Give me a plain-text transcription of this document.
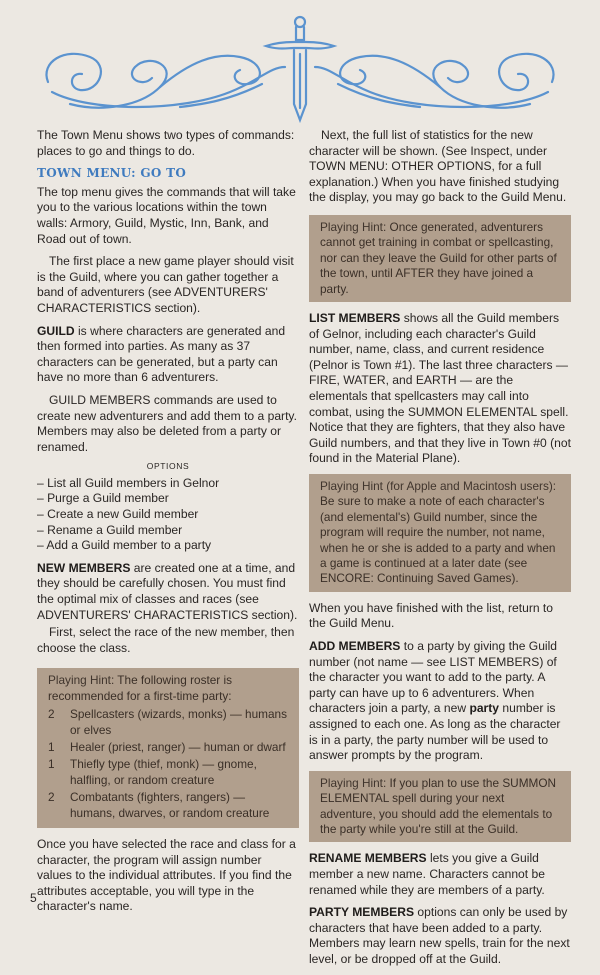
The Town Menu shows two types of commands: places to go and things to do.

TOWN MENU: GO TO

The top menu gives the commands that will take you to the various locations within the town walls: Armory, Guild, Mystic, Inn, Bank, and Road out of town.

The first place a new game player should visit is the Guild, where you can gather together a band of adventurers (see ADVENTURERS' CHARACTERISTICS section).

GUILD is where characters are generated and then formed into parties. As many as 37 characters can be generated, but a party can have no more than 6 adventurers.

GUILD MEMBERS commands are used to create new adventurers and add them to a party. Members may also be deleted from a party or renamed.

OPTIONS
– List all Guild members in Gelnor
– Purge a Guild member
– Create a new Guild member
– Rename a Guild member
– Add a Guild member to a party

NEW MEMBERS are created one at a time, and they should be carefully chosen. You must find the optimal mix of classes and races (see ADVENTURERS' CHARACTERISTICS section).

First, select the race of the new member, then choose the class.

Playing Hint: The following roster is recommended for a first-time party:
2	Spellcasters (wizards, monks) — humans or elves
1	Healer (priest, ranger) — human or dwarf
1	Thiefly type (thief, monk) — gnome, halfling, or random creature
2	Combatants (fighters, rangers) — humans, dwarves, or random creature

Once you have selected the race and class for a character, the program will assign number values to the individual attributes. If you find the attributes acceptable, you will type in the character's name.

Next, the full list of statistics for the new character will be shown. (See Inspect, under TOWN MENU: OTHER OPTIONS, for a full explanation.) When you have finished studying the display, you may go back to the Guild Menu.

Playing Hint: Once generated, adventurers cannot get training in combat or spellcasting, nor can they leave the Guild for other parts of the town, until AFTER they have joined a party.

LIST MEMBERS shows all the Guild members of Gelnor, including each character's Guild number, name, class, and current residence (Pelnor is Town #1). The last three characters — FIRE, WATER, and EARTH — are the elementals that spellcasters may call into combat, using the SUMMON ELEMENTAL spell. Notice that they are fighters, that they also have Guild numbers, and that they live in Town #0 (not found in the Material Plane).

Playing Hint (for Apple and Macintosh users): Be sure to make a note of each character's (and elemental's) Guild number, since the program will require the number, not name, when he or she is added to a party and when a game is continued at a later date (see ENCORE: Continuing Saved Games).

When you have finished with the list, return to the Guild Menu.

ADD MEMBERS to a party by giving the Guild number (not name — see LIST MEMBERS) of the character you want to add to the party. A party can have up to 6 adventurers. When characters join a party, a new party number is assigned to each one. As long as the character is in a party, the party number will be used to answer prompts by the program.

Playing Hint: If you plan to use the SUMMON ELEMENTAL spell during your next adventure, you should add the elementals to the party while you're still at the Guild.

RENAME MEMBERS lets you give a Guild member a new name. Characters cannot be renamed while they are members of a party.

PARTY MEMBERS options can only be used by characters that have been added to a party. Members may learn new spells, train for the next level, or be dropped off at the Guild.

5
